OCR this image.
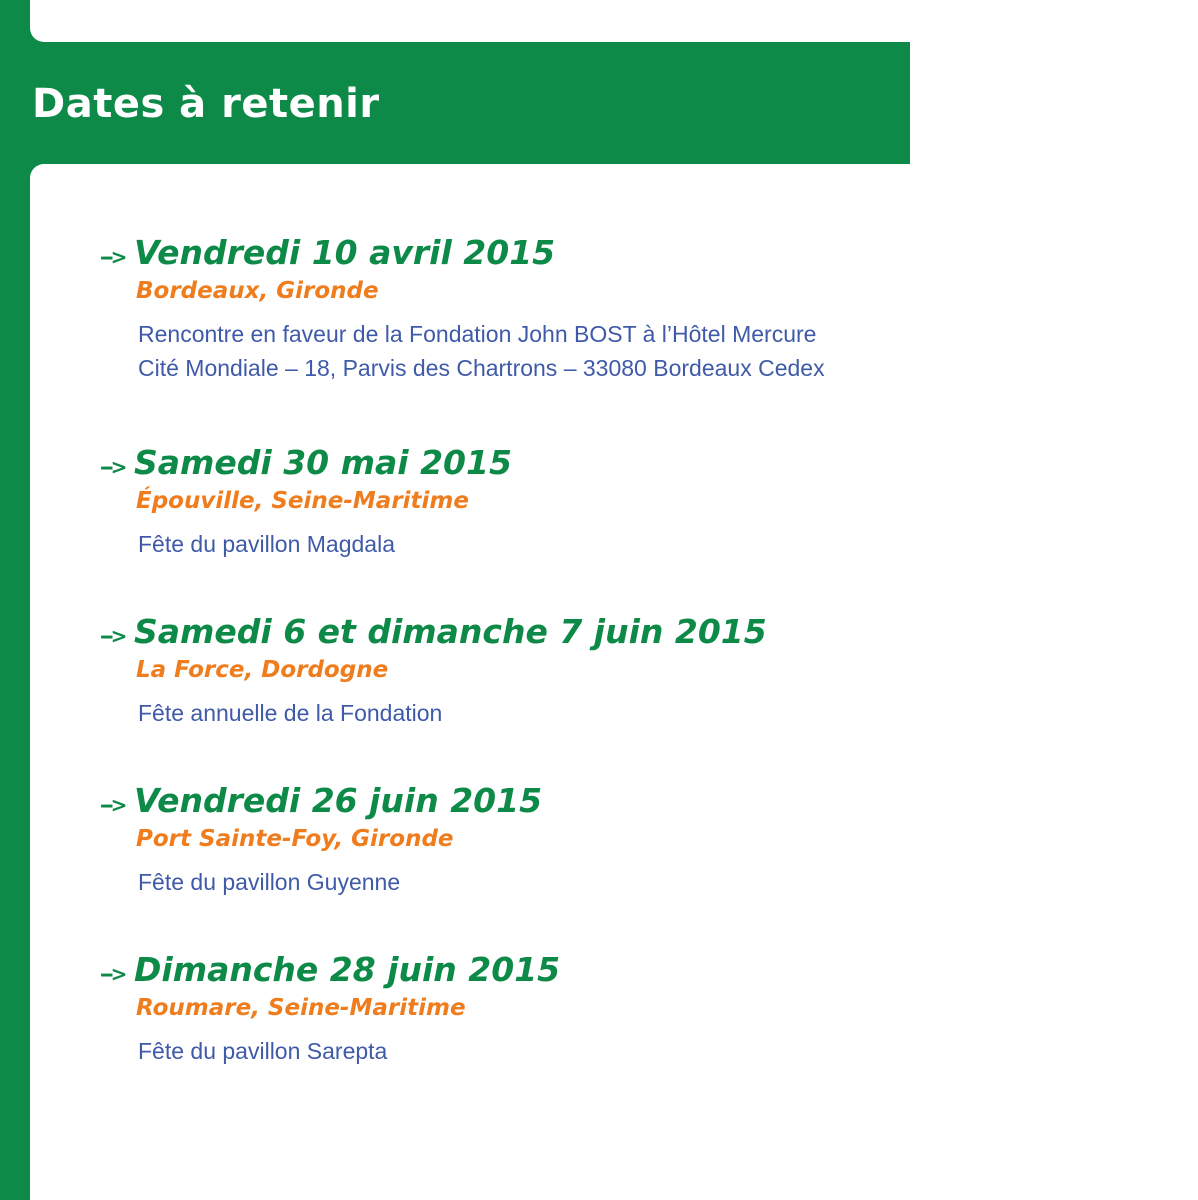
Dates à retenir
--> Vendredi 10 avril 2015
Bordeaux, Gironde
Rencontre en faveur de la Fondation John BOST à l’Hôtel Mercure
Cité Mondiale – 18, Parvis des Chartrons – 33080 Bordeaux Cedex
--> Samedi 30 mai 2015
Épouville, Seine-Maritime
Fête du pavillon Magdala
--> Samedi 6 et dimanche 7 juin 2015
La Force, Dordogne
Fête annuelle de la Fondation
--> Vendredi 26 juin 2015
Port Sainte-Foy, Gironde
Fête du pavillon Guyenne
--> Dimanche 28 juin 2015
Roumare, Seine-Maritime
Fête du pavillon Sarepta
